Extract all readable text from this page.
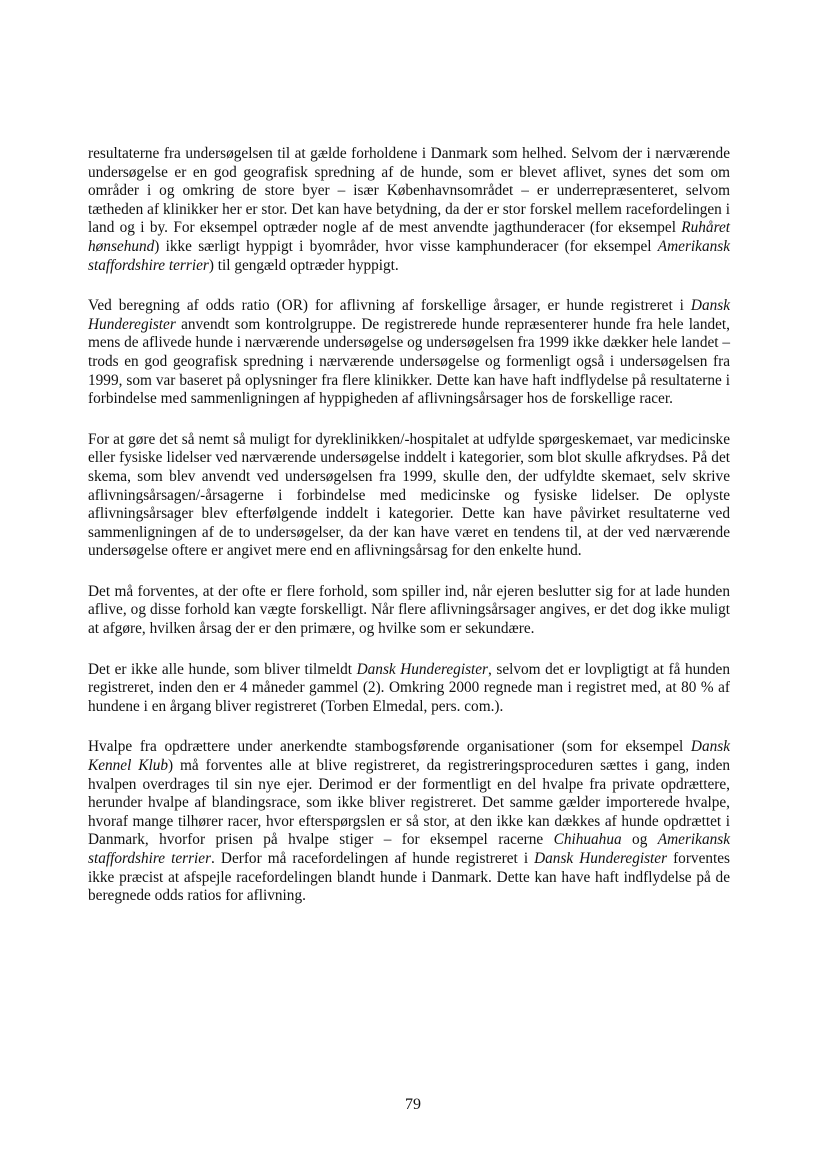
resultaterne fra undersøgelsen til at gælde forholdene i Danmark som helhed. Selvom der i nærværende undersøgelse er en god geografisk spredning af de hunde, som er blevet aflivet, synes det som om områder i og omkring de store byer – især Københavnsområdet – er underrepræsenteret, selvom tætheden af klinikker her er stor. Det kan have betydning, da der er stor forskel mellem racefordelingen i land og i by. For eksempel optræder nogle af de mest anvendte jagthunderacer (for eksempel Ruhåret hønsehund) ikke særligt hyppigt i byområder, hvor visse kamphunderacer (for eksempel Amerikansk staffordshire terrier) til gengæld optræder hyppigt.

Ved beregning af odds ratio (OR) for aflivning af forskellige årsager, er hunde registreret i Dansk Hunderegister anvendt som kontrolgruppe. De registrerede hunde repræsenterer hunde fra hele landet, mens de aflivede hunde i nærværende undersøgelse og undersøgelsen fra 1999 ikke dækker hele landet – trods en god geografisk spredning i nærværende undersøgelse og formenligt også i undersøgelsen fra 1999, som var baseret på oplysninger fra flere klinikker. Dette kan have haft indflydelse på resultaterne i forbindelse med sammenligningen af hyppigheden af aflivningsårsager hos de forskellige racer.

For at gøre det så nemt så muligt for dyreklinikken/-hospitalet at udfylde spørgeskemaet, var medicinske eller fysiske lidelser ved nærværende undersøgelse inddelt i kategorier, som blot skulle afkrydses. På det skema, som blev anvendt ved undersøgelsen fra 1999, skulle den, der udfyldte skemaet, selv skrive aflivningsårsagen/-årsagerne i forbindelse med medicinske og fysiske lidelser. De oplyste aflivningsårsager blev efterfølgende inddelt i kategorier. Dette kan have påvirket resultaterne ved sammenligningen af de to undersøgelser, da der kan have været en tendens til, at der ved nærværende undersøgelse oftere er angivet mere end en aflivningsårsag for den enkelte hund.

Det må forventes, at der ofte er flere forhold, som spiller ind, når ejeren beslutter sig for at lade hunden aflive, og disse forhold kan vægte forskelligt. Når flere aflivningsårsager angives, er det dog ikke muligt at afgøre, hvilken årsag der er den primære, og hvilke som er sekundære.

Det er ikke alle hunde, som bliver tilmeldt Dansk Hunderegister, selvom det er lovpligtigt at få hunden registreret, inden den er 4 måneder gammel (2). Omkring 2000 regnede man i registret med, at 80 % af hundene i en årgang bliver registreret (Torben Elmedal, pers. com.).

Hvalpe fra opdrættere under anerkendte stambogsførende organisationer (som for eksempel Dansk Kennel Klub) må forventes alle at blive registreret, da registreringsproceduren sættes i gang, inden hvalpen overdrages til sin nye ejer. Derimod er der formentligt en del hvalpe fra private opdrættere, herunder hvalpe af blandingsrace, som ikke bliver registreret. Det samme gælder importerede hvalpe, hvoraf mange tilhører racer, hvor efterspørgslen er så stor, at den ikke kan dækkes af hunde opdrættet i Danmark, hvorfor prisen på hvalpe stiger – for eksempel racerne Chihuahua og Amerikansk staffordshire terrier. Derfor må racefordelingen af hunde registreret i Dansk Hunderegister forventes ikke præcist at afspejle racefordelingen blandt hunde i Danmark. Dette kan have haft indflydelse på de beregnede odds ratios for aflivning.

79
